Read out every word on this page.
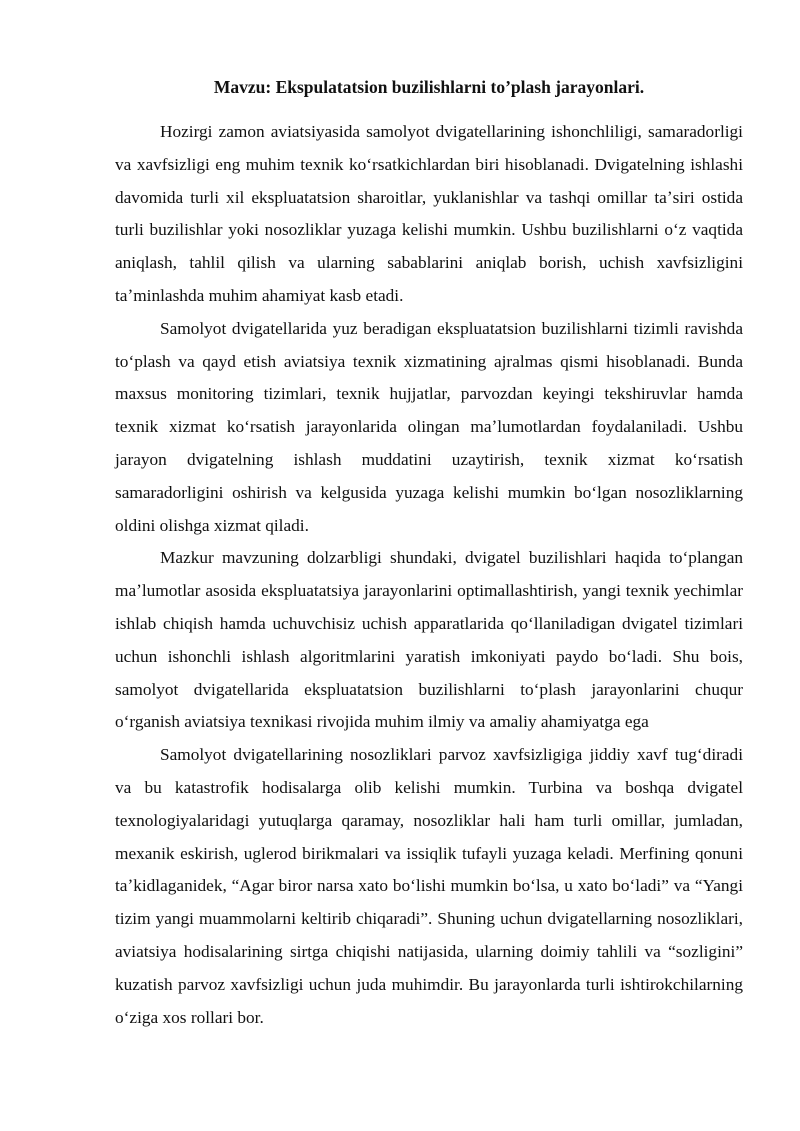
Mavzu: Ekspulatatsion buzilishlarni to’plash jarayonlari.

Hozirgi zamon aviatsiyasida samolyot dvigatellarining ishonchliligi, samaradorligi va xavfsizligi eng muhim texnik koʻrsatkichlardan biri hisoblanadi. Dvigatelning ishlashi davomida turli xil ekspluatatsion sharoitlar, yuklanishlar va tashqi omillar taʼsiri ostida turli buzilishlar yoki nosozliklar yuzaga kelishi mumkin. Ushbu buzilishlarni oʻz vaqtida aniqlash, tahlil qilish va ularning sabablarini aniqlab borish, uchish xavfsizligini taʼminlashda muhim ahamiyat kasb etadi.

Samolyot dvigatellarida yuz beradigan ekspluatatsion buzilishlarni tizimli ravishda toʻplash va qayd etish aviatsiya texnik xizmatining ajralmas qismi hisoblanadi. Bunda maxsus monitoring tizimlari, texnik hujjatlar, parvozdan keyingi tekshiruvlar hamda texnik xizmat koʻrsatish jarayonlarida olingan maʼlumotlardan foydalaniladi. Ushbu jarayon dvigatelning ishlash muddatini uzaytirish, texnik xizmat koʻrsatish samaradorligini oshirish va kelgusida yuzaga kelishi mumkin boʻlgan nosozliklarning oldini olishga xizmat qiladi.

Mazkur mavzuning dolzarbligi shundaki, dvigatel buzilishlari haqida toʻplangan maʼlumotlar asosida ekspluatatsiya jarayonlarini optimallashtirish, yangi texnik yechimlar ishlab chiqish hamda uchuvchisiz uchish apparatlarida qoʻllaniladigan dvigatel tizimlari uchun ishonchli ishlash algoritmlarini yaratish imkoniyati paydo boʻladi. Shu bois, samolyot dvigatellarida ekspluatatsion buzilishlarni toʻplash jarayonlarini chuqur oʻrganish aviatsiya texnikasi rivojida muhim ilmiy va amaliy ahamiyatga ega

Samolyot dvigatellarining nosozliklari parvoz xavfsizligiga jiddiy xavf tugʻdiradi va bu katastrofik hodisalarga olib kelishi mumkin. Turbina va boshqa dvigatel texnologiyalaridagi yutuqlarga qaramay, nosozliklar hali ham turli omillar, jumladan, mexanik eskirish, uglerod birikmalari va issiqlik tufayli yuzaga keladi. Merfining qonuni taʼkidlaganidek, “Agar biror narsa xato boʻlishi mumkin boʻlsa, u xato boʻladi” va “Yangi tizim yangi muammolarni keltirib chiqaradi”. Shuning uchun dvigatellarning nosozliklari, aviatsiya hodisalarining sirtga chiqishi natijasida, ularning doimiy tahlili va “sozligini” kuzatish parvoz xavfsizligi uchun juda muhimdir. Bu jarayonlarda turli ishtirokchilarning oʻziga xos rollari bor.
